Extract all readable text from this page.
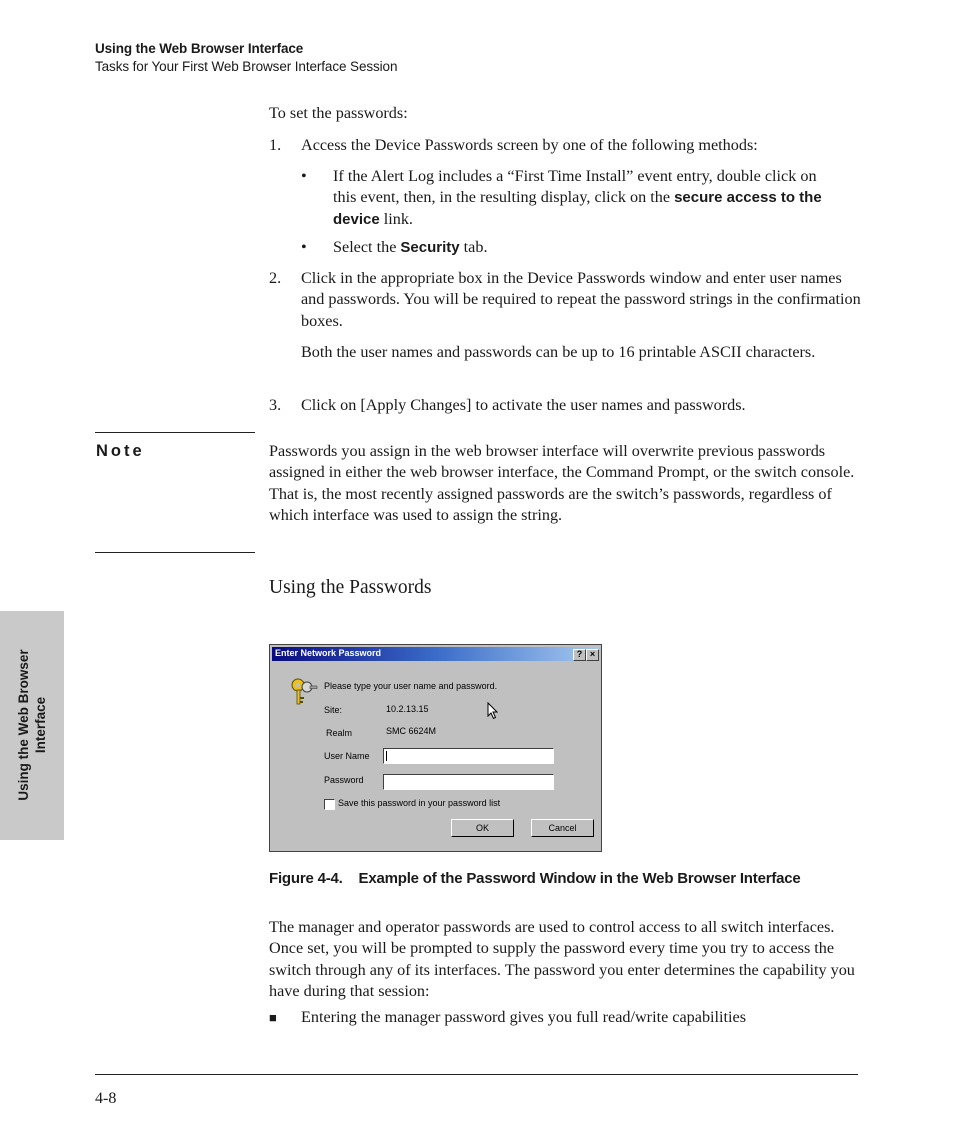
Using the Web Browser Interface
Tasks for Your First Web Browser Interface Session
To set the passwords:
1. Access the Device Passwords screen by one of the following methods:
• If the Alert Log includes a “First Time Install” event entry, double click on this event, then, in the resulting display, click on the secure access to the device link.
• Select the Security tab.
2. Click in the appropriate box in the Device Passwords window and enter user names and passwords. You will be required to repeat the password strings in the confirmation boxes.
Both the user names and passwords can be up to 16 printable ASCII characters.
3. Click on [Apply Changes] to activate the user names and passwords.
Note	Passwords you assign in the web browser interface will overwrite previous passwords assigned in either the web browser interface, the Command Prompt, or the switch console. That is, the most recently assigned passwords are the switch’s passwords, regardless of which interface was used to assign the string.
Using the Passwords
Using the Web Browser Interface
Enter Network Password	? ×
Please type your user name and password.
Site:	10.2.13.15
Realm	SMC 6624M
User Name
Password
Save this password in your password list
OK	Cancel
Figure 4-4.    Example of the Password Window in the Web Browser Interface
The manager and operator passwords are used to control access to all switch interfaces. Once set, you will be prompted to supply the password every time you try to access the switch through any of its interfaces. The password you enter determines the capability you have during that session:
■ Entering the manager password gives you full read/write capabilities
4-8
